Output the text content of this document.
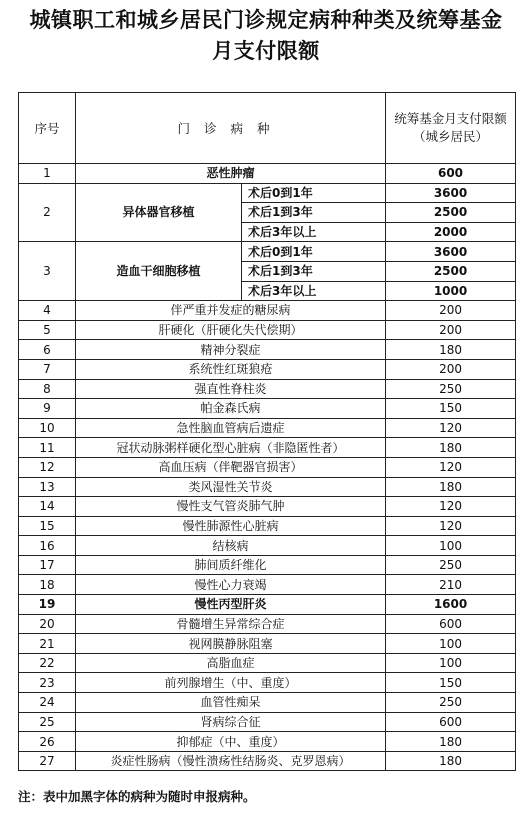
城镇职工和城乡居民门诊规定病种种类及统筹基金
月支付限额
序号	门诊病种		统筹基金月支付限额（城乡居民）
1	恶性肿瘤		600
2	异体器官移植	术后0到1年	3600
		术后1到3年	2500
		术后3年以上	2000
3	造血干细胞移植	术后0到1年	3600
		术后1到3年	2500
		术后3年以上	1000
4	伴严重并发症的糖尿病		200
5	肝硬化（肝硬化失代偿期）		200
6	精神分裂症		180
7	系统性红斑狼疮		200
8	强直性脊柱炎		250
9	帕金森氏病		150
10	急性脑血管病后遗症		120
11	冠状动脉粥样硬化型心脏病（非隐匿性者）		180
12	高血压病（伴靶器官损害）		120
13	类风湿性关节炎		180
14	慢性支气管炎肺气肿		120
15	慢性肺源性心脏病		120
16	结核病		100
17	肺间质纤维化		250
18	慢性心力衰竭		210
19	慢性丙型肝炎		1600
20	骨髓增生异常综合症		600
21	视网膜静脉阻塞		100
22	高脂血症		100
23	前列腺增生（中、重度）		150
24	血管性痴呆		250
25	肾病综合征		600
26	抑郁症（中、重度）		180
27	炎症性肠病（慢性溃疡性结肠炎、克罗恩病）		180
注：表中加黑字体的病种为随时申报病种。
